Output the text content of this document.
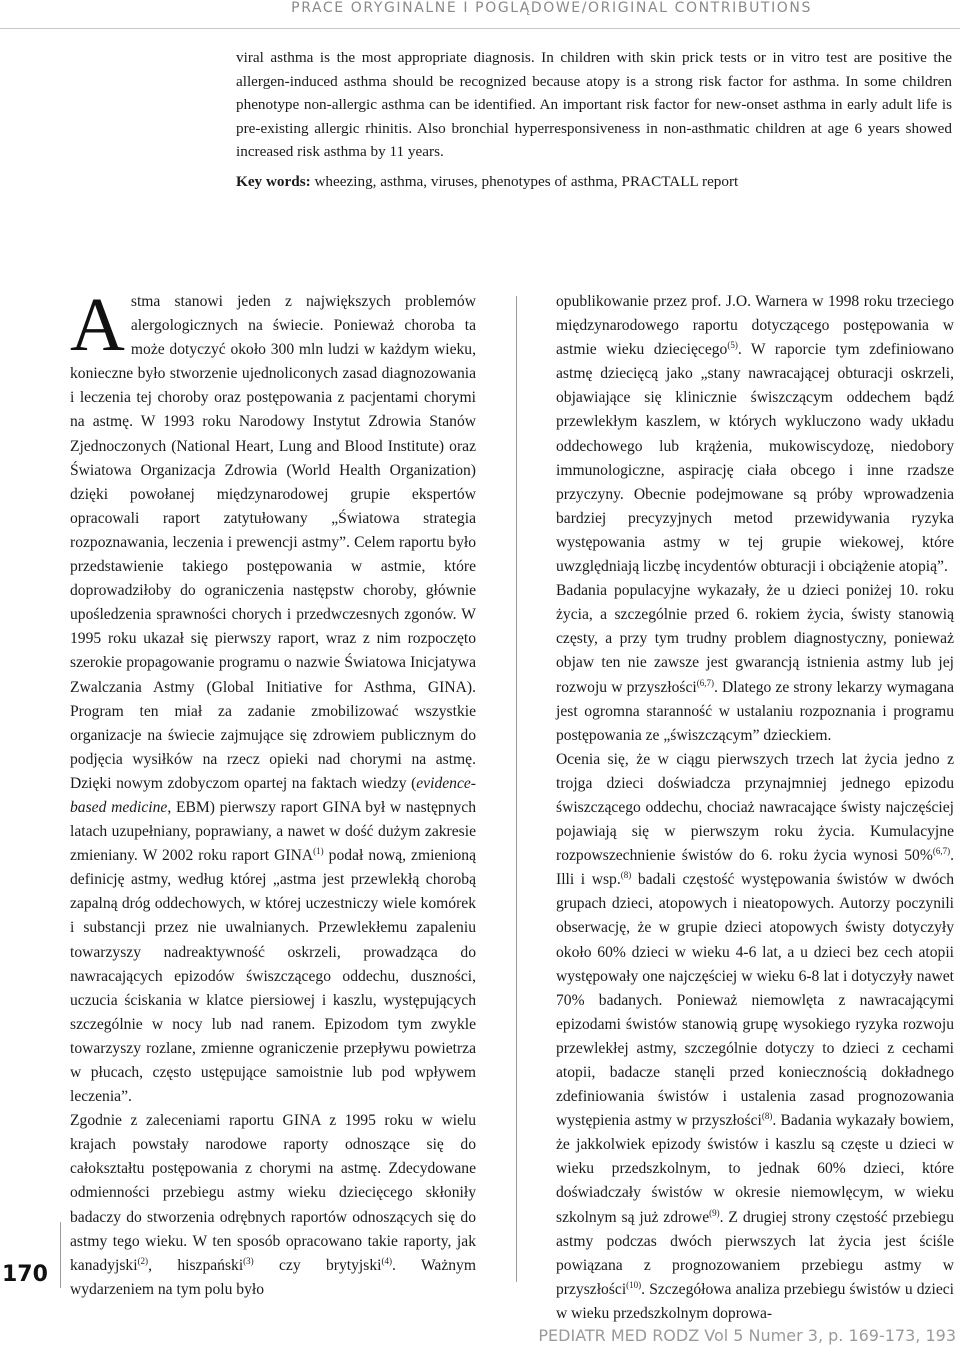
PRACE ORYGINALNE I POGLĄDOWE/ORIGINAL CONTRIBUTIONS

viral asthma is the most appropriate diagnosis. In children with skin prick tests or in vitro test are positive the allergen-induced asthma should be recognized because atopy is a strong risk factor for asthma. In some children phenotype non-allergic asthma can be identified. An important risk factor for new-onset asthma in early adult life is pre-existing allergic rhinitis. Also bronchial hyperresponsiveness in non-asthmatic children at age 6 years showed increased risk asthma by 11 years.

Key words: wheezing, asthma, viruses, phenotypes of asthma, PRACTALL report

Astma stanowi jeden z największych problemów alergologicznych na świecie. Ponieważ choroba ta może dotyczyć około 300 mln ludzi w każdym wieku, konieczne było stworzenie ujednoliconych zasad diagnozowania i leczenia tej choroby oraz postępowania z pacjentami chorymi na astmę. W 1993 roku Narodowy Instytut Zdrowia Stanów Zjednoczonych (National Heart, Lung and Blood Institute) oraz Światowa Organizacja Zdrowia (World Health Organization) dzięki powołanej międzynarodowej grupie ekspertów opracowali raport zatytułowany „Światowa strategia rozpoznawania, leczenia i prewencji astmy”. Celem raportu było przedstawienie takiego postępowania w astmie, które doprowadziłoby do ograniczenia następstw choroby, głównie upośledzenia sprawności chorych i przedwczesnych zgonów. W 1995 roku ukazał się pierwszy raport, wraz z nim rozpoczęto szerokie propagowanie programu o nazwie Światowa Inicjatywa Zwalczania Astmy (Global Initiative for Asthma, GINA). Program ten miał za zadanie zmobilizować wszystkie organizacje na świecie zajmujące się zdrowiem publicznym do podjęcia wysiłków na rzecz opieki nad chorymi na astmę. Dzięki nowym zdobyczom opartej na faktach wiedzy (evidence-based medicine, EBM) pierwszy raport GINA był w następnych latach uzupełniany, poprawiany, a nawet w dość dużym zakresie zmieniany. W 2002 roku raport GINA$^{(1)}$ podał nową, zmienioną definicję astmy, według której „astma jest przewlekłą chorobą zapalną dróg oddechowych, w której uczestniczy wiele komórek i substancji przez nie uwalnianych. Przewlekłemu zapaleniu towarzyszy nadreaktywność oskrzeli, prowadząca do nawracających epizodów świszczącego oddechu, duszności, uczucia ściskania w klatce piersiowej i kaszlu, występujących szczególnie w nocy lub nad ranem. Epizodom tym zwykle towarzyszy rozlane, zmienne ograniczenie przepływu powietrza w płucach, często ustępujące samoistnie lub pod wpływem leczenia”.

Zgodnie z zaleceniami raportu GINA z 1995 roku w wielu krajach powstały narodowe raporty odnoszące się do całokształtu postępowania z chorymi na astmę. Zdecydowane odmienności przebiegu astmy wieku dziecięcego skłoniły badaczy do stworzenia odrębnych raportów odnoszących się do astmy tego wieku. W ten sposób opracowano takie raporty, jak kanadyjski$^{(2)}$, hiszpański$^{(3)}$ czy brytyjski$^{(4)}$. Ważnym wydarzeniem na tym polu było

opublikowanie przez prof. J.O. Warnera w 1998 roku trzeciego międzynarodowego raportu dotyczącego postępowania w astmie wieku dziecięcego$^{(5)}$. W raporcie tym zdefiniowano astmę dziecięcą jako „stany nawracającej obturacji oskrzeli, objawiające się klinicznie świszczącym oddechem bądź przewlekłym kaszlem, w których wykluczono wady układu oddechowego lub krążenia, mukowiscydozę, niedobory immunologiczne, aspirację ciała obcego i inne rzadsze przyczyny. Obecnie podejmowane są próby wprowadzenia bardziej precyzyjnych metod przewidywania ryzyka występowania astmy w tej grupie wiekowej, które uwzględniają liczbę incydentów obturacji i obciążenie atopią”.

Badania populacyjne wykazały, że u dzieci poniżej 10. roku życia, a szczególnie przed 6. rokiem życia, świsty stanowią częsty, a przy tym trudny problem diagnostyczny, ponieważ objaw ten nie zawsze jest gwarancją istnienia astmy lub jej rozwoju w przyszłości$^{(6,7)}$. Dlatego ze strony lekarzy wymagana jest ogromna staranność w ustalaniu rozpoznania i programu postępowania ze „świszczącym” dzieckiem.

Ocenia się, że w ciągu pierwszych trzech lat życia jedno z trojga dzieci doświadcza przynajmniej jednego epizodu świszczącego oddechu, chociaż nawracające świsty najczęściej pojawiają się w pierwszym roku życia. Kumulacyjne rozpowszechnienie świstów do 6. roku życia wynosi 50%$^{(6,7)}$. Illi i wsp.$^{(8)}$ badali częstość występowania świstów w dwóch grupach dzieci, atopowych i nieatopowych. Autorzy poczynili obserwację, że w grupie dzieci atopowych świsty dotyczyły około 60% dzieci w wieku 4-6 lat, a u dzieci bez cech atopii występowały one najczęściej w wieku 6-8 lat i dotyczyły nawet 70% badanych. Ponieważ niemowlęta z nawracającymi epizodami świstów stanowią grupę wysokiego ryzyka rozwoju przewlekłej astmy, szczególnie dotyczy to dzieci z cechami atopii, badacze stanęli przed koniecznością dokładnego zdefiniowania świstów i ustalenia zasad prognozowania występienia astmy w przyszłości$^{(8)}$. Badania wykazały bowiem, że jakkolwiek epizody świstów i kaszlu są częste u dzieci w wieku przedszkolnym, to jednak 60% dzieci, które doświadczały świstów w okresie niemowlęcym, w wieku szkolnym są już zdrowe$^{(9)}$. Z drugiej strony częstość przebiegu astmy podczas dwóch pierwszych lat życia jest ściśle powiązana z prognozowaniem przebiegu astmy w przyszłości$^{(10)}$. Szczegółowa analiza przebiegu świstów u dzieci w wieku przedszkolnym doprowa-

170

PEDIATR MED RODZ Vol 5 Numer 3, p. 169-173, 193
